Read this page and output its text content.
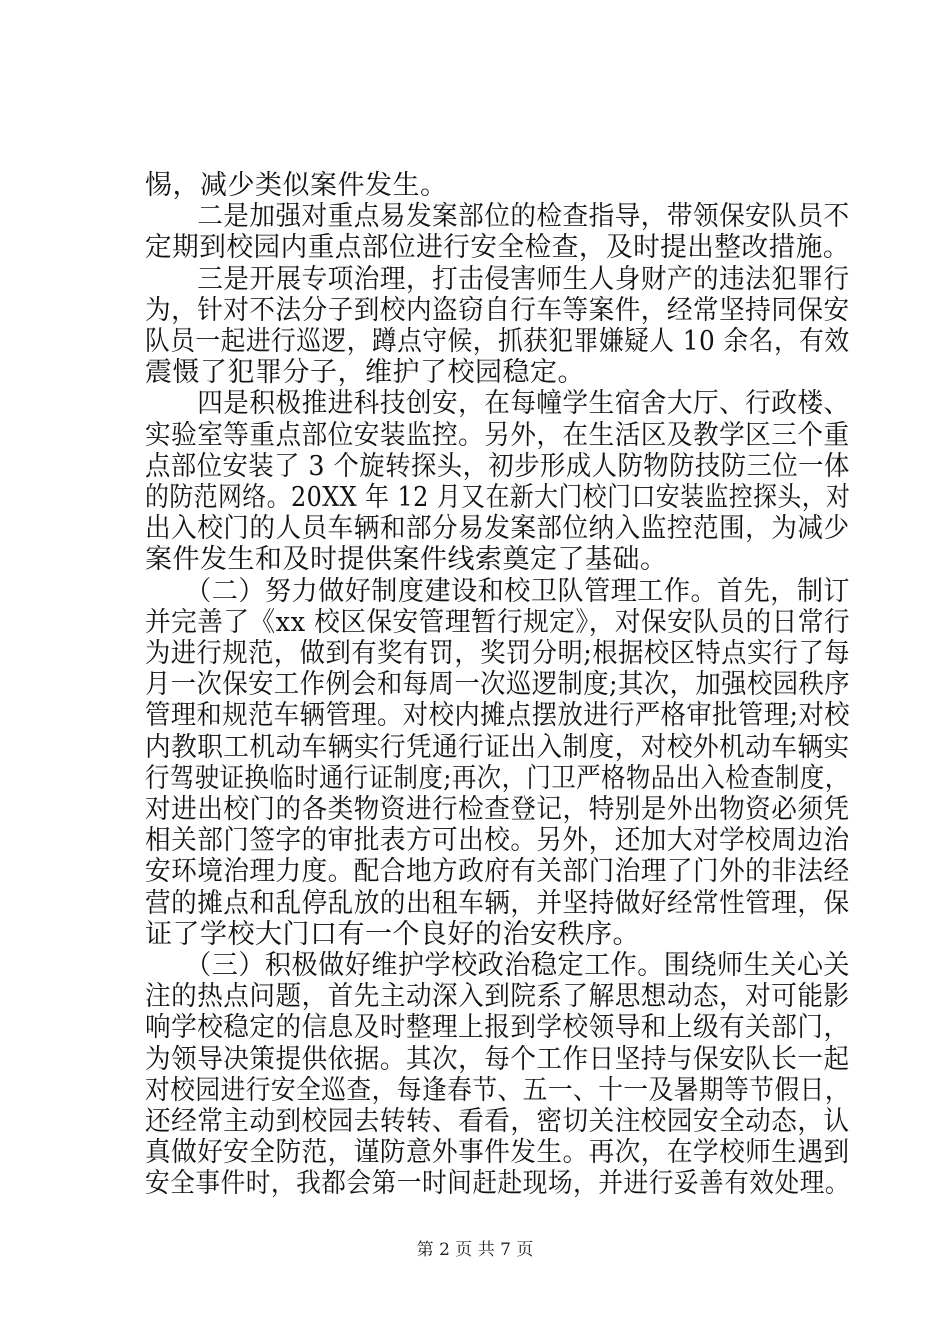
惕，减少类似案件发生。
　　二是加强对重点易发案部位的检查指导，带领保安队员不
定期到校园内重点部位进行安全检查，及时提出整改措施。
　　三是开展专项治理，打击侵害师生人身财产的违法犯罪行
为，针对不法分子到校内盗窃自行车等案件，经常坚持同保安
队员一起进行巡逻，蹲点守候，抓获犯罪嫌疑人 10 余名，有效
震慑了犯罪分子，维护了校园稳定。
　　四是积极推进科技创安，在每幢学生宿舍大厅、行政楼、
实验室等重点部位安装监控。另外，在生活区及教学区三个重
点部位安装了 3 个旋转探头，初步形成人防物防技防三位一体
的防范网络。20XX 年 12 月又在新大门校门口安装监控探头，对
出入校门的人员车辆和部分易发案部位纳入监控范围，为减少
案件发生和及时提供案件线索奠定了基础。
　　（二）努力做好制度建设和校卫队管理工作。首先，制订
并完善了《xx 校区保安管理暂行规定》，对保安队员的日常行
为进行规范，做到有奖有罚，奖罚分明;根据校区特点实行了每
月一次保安工作例会和每周一次巡逻制度;其次，加强校园秩序
管理和规范车辆管理。对校内摊点摆放进行严格审批管理;对校
内教职工机动车辆实行凭通行证出入制度，对校外机动车辆实
行驾驶证换临时通行证制度;再次，门卫严格物品出入检查制度，
对进出校门的各类物资进行检查登记，特别是外出物资必须凭
相关部门签字的审批表方可出校。另外，还加大对学校周边治
安环境治理力度。配合地方政府有关部门治理了门外的非法经
营的摊点和乱停乱放的出租车辆，并坚持做好经常性管理，保
证了学校大门口有一个良好的治安秩序。
　　（三）积极做好维护学校政治稳定工作。围绕师生关心关
注的热点问题，首先主动深入到院系了解思想动态，对可能影
响学校稳定的信息及时整理上报到学校领导和上级有关部门，
为领导决策提供依据。其次，每个工作日坚持与保安队长一起
对校园进行安全巡查，每逢春节、五一、十一及暑期等节假日，
还经常主动到校园去转转、看看，密切关注校园安全动态，认
真做好安全防范，谨防意外事件发生。再次，在学校师生遇到
安全事件时，我都会第一时间赶赴现场，并进行妥善有效处理。
第 2 页 共 7 页
